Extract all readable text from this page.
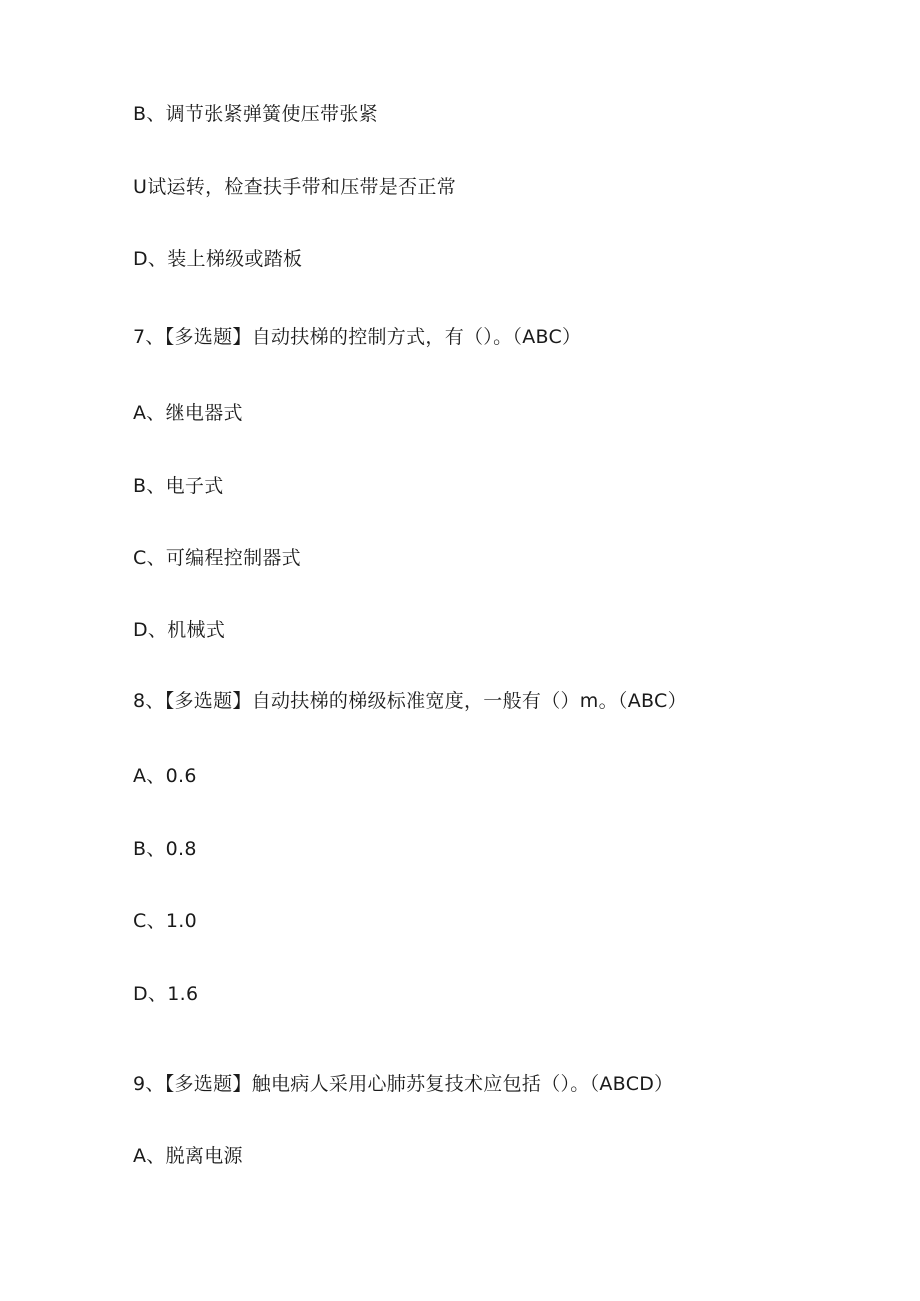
B、调节张紧弹簧使压带张紧
U试运转，检查扶手带和压带是否正常
D、装上梯级或踏板
7、【多选题】自动扶梯的控制方式，有（）。（ABC）
A、继电器式
B、电子式
C、可编程控制器式
D、机械式
8、【多选题】自动扶梯的梯级标准宽度，一般有（）m。（ABC）
A、0.6
B、0.8
C、1.0
D、1.6
9、【多选题】触电病人采用心肺苏复技术应包括（）。（ABCD）
A、脱离电源
